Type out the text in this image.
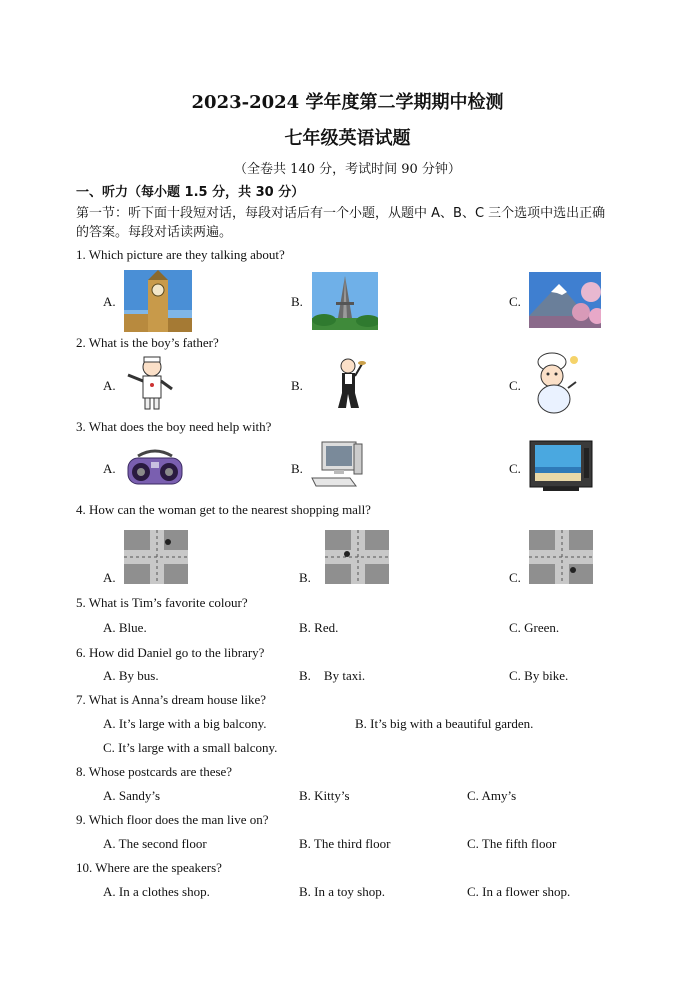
2023-2024 学年度第二学期期中检测
七年级英语试题
（全卷共 140 分，考试时间 90 分钟）
一、听力（每小题 1.5 分，共 30 分）
第一节：听下面十段短对话，每段对话后有一个小题，从题中 A、B、C 三个选项中选出正确
的答案。每段对话读两遍。
1. Which picture are they talking about?
A.	B.	C.
2. What is the boy’s father?
A.	B.	C.
3. What does the boy need help with?
A.	B.	C.
4. How can the woman get to the nearest shopping mall?
A.	B.	C.
5. What is Tim’s favorite colour?
A. Blue.	B. Red.	C. Green.
6. How did Daniel go to the library?
A. By bus.	B.    By taxi.	C. By bike.
7. What is Anna’s dream house like?
A. It’s large with a big balcony.	B. It’s big with a beautiful garden.
C. It’s large with a small balcony.
8. Whose postcards are these?
A. Sandy’s	B. Kitty’s	C. Amy’s
9. Which floor does the man live on?
A. The second floor	B. The third floor	C. The fifth floor
10. Where are the speakers?
A. In a clothes shop.	B. In a toy shop.	C. In a flower shop.
